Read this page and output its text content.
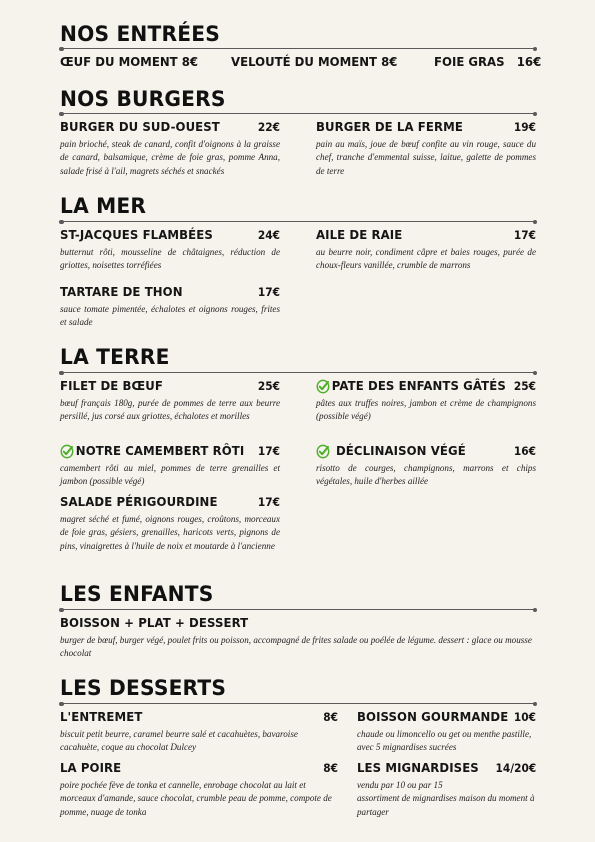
NOS ENTRÉES
ŒUF DU MOMENT 8€	VELOUTÉ DU MOMENT 8€	FOIE GRAS 16€
NOS BURGERS
BURGER DU SUD-OUEST	22€
pain brioché, steak de canard, confit d'oignons à la graisse de canard, balsamique, crème de foie gras, pomme Anna, salade frisé à l'ail, magrets séchés et snackés
BURGER DE LA FERME	19€
pain au maïs, joue de bœuf confite au vin rouge, sauce du chef, tranche d'emmental suisse, laitue, galette de pommes de terre
LA MER
ST-JACQUES FLAMBÉES	24€
butternut rôti, mousseline de châtaignes, réduction de griottes, noisettes torréfiées
AILE DE RAIE	17€
au beurre noir, condiment câpre et baies rouges, purée de choux-fleurs vanillée, crumble de marrons
TARTARE DE THON	17€
sauce tomate pimentée, échalotes et oignons rouges, frites et salade
LA TERRE
FILET DE BŒUF	25€
bœuf français 180g, purée de pommes de terre aux beurre persillé, jus corsé aux griottes, échalotes et morilles
PATE DES ENFANTS GÂTÉS 25€
pâtes aux truffes noires, jambon et crème de champignons (possible végé)
NOTRE CAMEMBERT RÔTI 17€
camembert rôti au miel, pommes de terre grenailles et jambon (possible végé)

DÉCLINAISON VÉGÉ	16€
risotto de courges, champignons, marrons et chips végétales, huile d'herbes aillée
SALADE PÉRIGOURDINE	17€
magret séché et fumé, oignons rouges, croûtons, morceaux de foie gras, gésiers, grenailles, haricots verts, pignons de pins, vinaigrettes à l'huile de noix et moutarde à l'ancienne
LES ENFANTS
BOISSON + PLAT + DESSERT
burger de bœuf, burger végé, poulet frits ou poisson, accompagné de frites salade ou poélée de légume. dessert : glace ou mousse chocolat
LES DESSERTS
L'ENTREMET	8€
biscuit petit beurre, caramel beurre salé et cacahuètes, bavaroise cacahuète, coque au chocolat Dulcey
BOISSON GOURMANDE 10€
chaude ou limoncello ou get ou menthe pastille, avec 5 mignardises sucrées
LA POIRE	8€
poire pochée fève de tonka et cannelle, enrobage chocolat au lait et morceaux d'amande, sauce chocolat, crumble peau de pomme, compote de pomme, nuage de tonka
LES MIGNARDISES 14/20€
vendu par 10 ou par 15
assortiment de mignardises maison du moment à partager
